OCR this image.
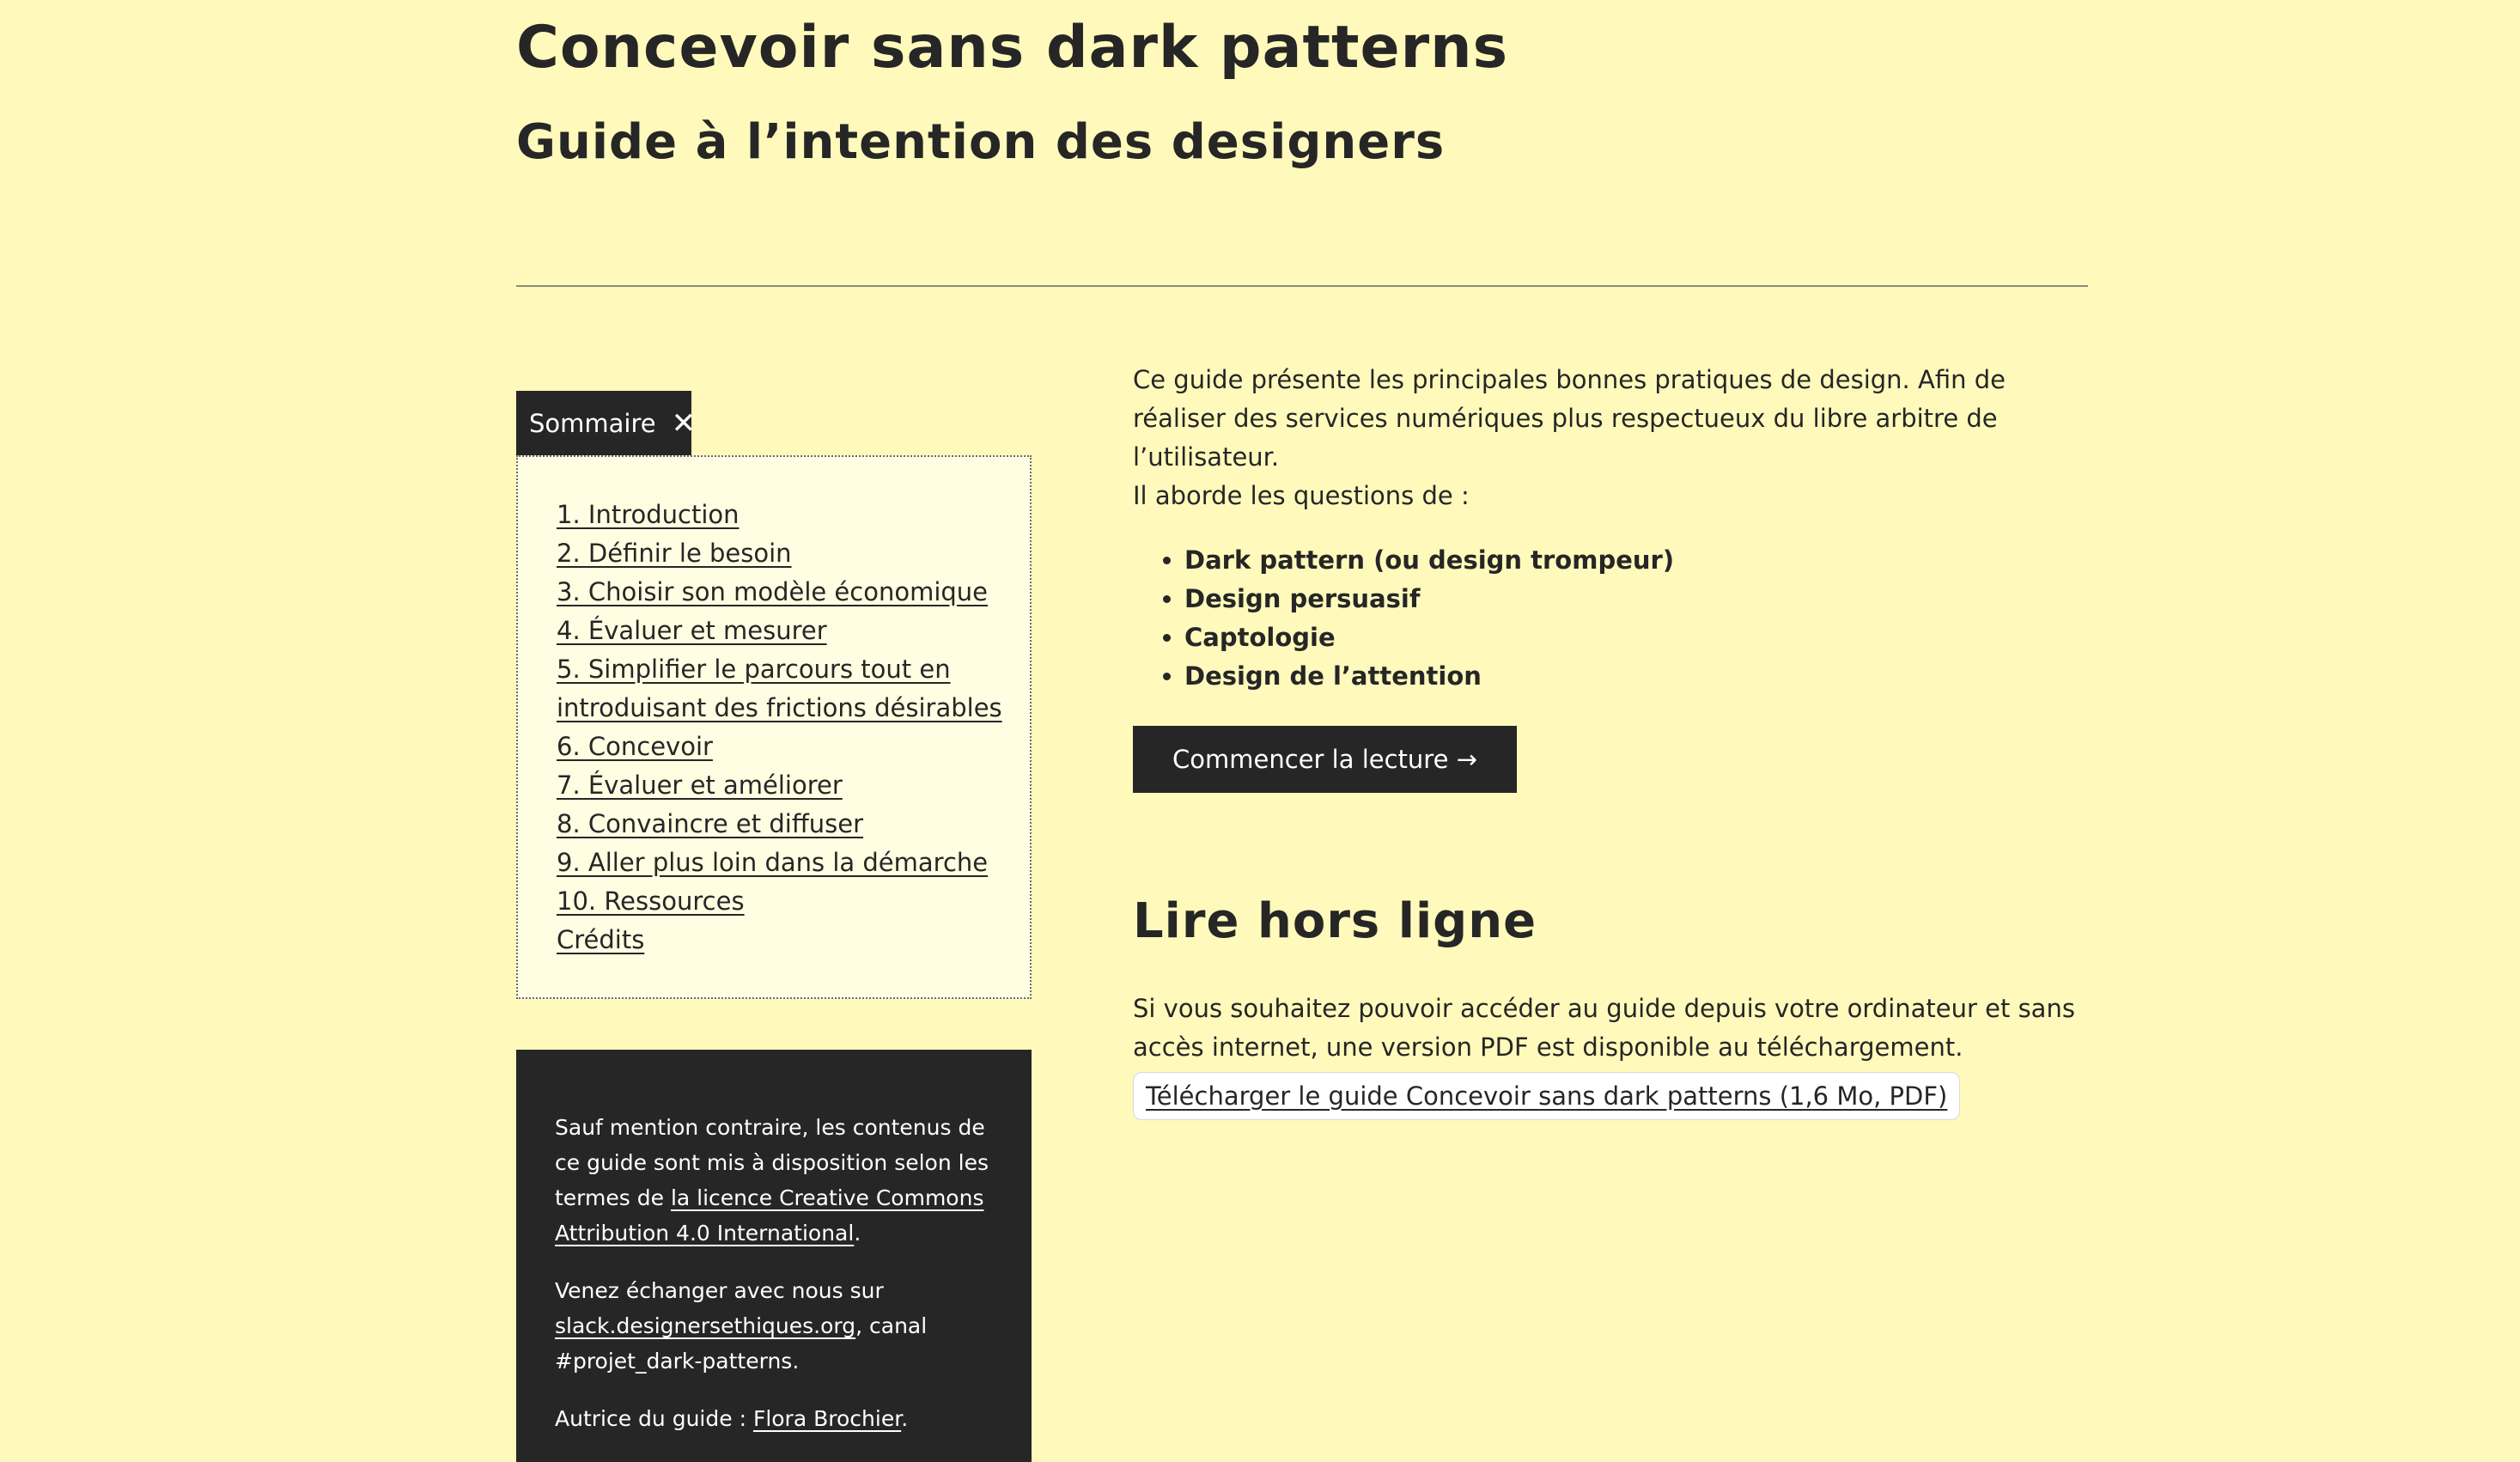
Concevoir sans dark patterns
Guide à l’intention des designers
Sommaire ✕
1. Introduction
2. Définir le besoin
3. Choisir son modèle économique
4. Évaluer et mesurer
5. Simplifier le parcours tout en introduisant des frictions désirables
6. Concevoir
7. Évaluer et améliorer
8. Convaincre et diffuser
9. Aller plus loin dans la démarche
10. Ressources
Crédits

Sauf mention contraire, les contenus de ce guide sont mis à disposition selon les termes de la licence Creative Commons Attribution 4.0 International.

Venez échanger avec nous sur slack.designersethiques.org, canal #projet_dark-patterns.

Autrice du guide : Flora Brochier.

Ce guide présente les principales bonnes pratiques de design. Afin de réaliser des services numériques plus respectueux du libre arbitre de l’utilisateur.

Il aborde les questions de :

• Dark pattern (ou design trompeur)
• Design persuasif
• Captologie
• Design de l’attention
Commencer la lecture →
Lire hors ligne

Si vous souhaitez pouvoir accéder au guide depuis votre ordinateur et sans accès internet, une version PDF est disponible au téléchargement.

Télécharger le guide Concevoir sans dark patterns (1,6 Mo, PDF)
